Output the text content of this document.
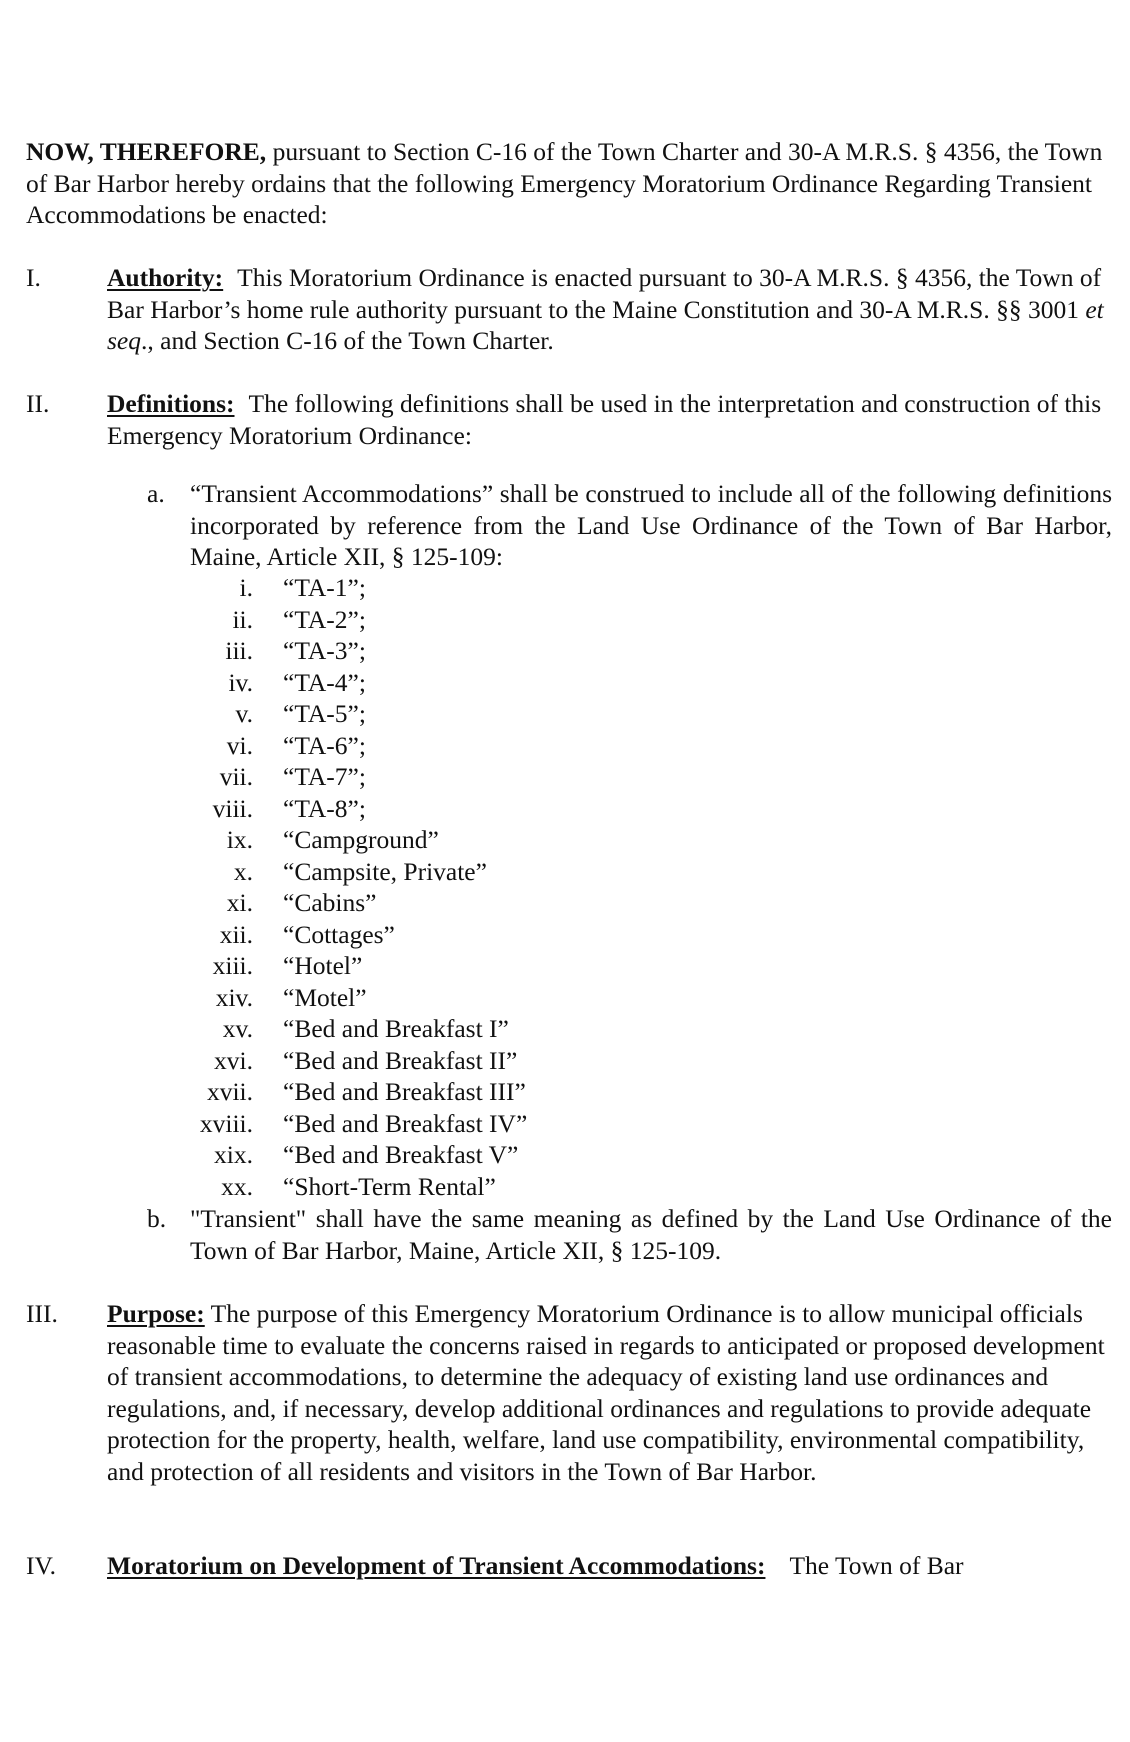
NOW, THEREFORE, pursuant to Section C-16 of the Town Charter and 30-A M.R.S. § 4356, the Town of Bar Harbor hereby ordains that the following Emergency Moratorium Ordinance Regarding Transient Accommodations be enacted:
I.	Authority: This Moratorium Ordinance is enacted pursuant to 30-A M.R.S. § 4356, the Town of Bar Harbor’s home rule authority pursuant to the Maine Constitution and 30-A M.R.S. §§ 3001 et seq., and Section C-16 of the Town Charter.
II.	Definitions: The following definitions shall be used in the interpretation and construction of this Emergency Moratorium Ordinance:
a. “Transient Accommodations” shall be construed to include all of the following definitions incorporated by reference from the Land Use Ordinance of the Town of Bar Harbor, Maine, Article XII, § 125-109:
i. “TA-1”;
ii. “TA-2”;
iii. “TA-3”;
iv. “TA-4”;
v. “TA-5”;
vi. “TA-6”;
vii. “TA-7”;
viii. “TA-8”;
ix. “Campground”
x. “Campsite, Private”
xi. “Cabins”
xii. “Cottages”
xiii. “Hotel”
xiv. “Motel”
xv. “Bed and Breakfast I”
xvi. “Bed and Breakfast II”
xvii. “Bed and Breakfast III”
xviii. “Bed and Breakfast IV”
xix. “Bed and Breakfast V”
xx. “Short-Term Rental”
b. "Transient" shall have the same meaning as defined by the Land Use Ordinance of the Town of Bar Harbor, Maine, Article XII, § 125-109.
III.	Purpose: The purpose of this Emergency Moratorium Ordinance is to allow municipal officials reasonable time to evaluate the concerns raised in regards to anticipated or proposed development of transient accommodations, to determine the adequacy of existing land use ordinances and regulations, and, if necessary, develop additional ordinances and regulations to provide adequate protection for the property, health, welfare, land use compatibility, environmental compatibility, and protection of all residents and visitors in the Town of Bar Harbor.
IV.	Moratorium on Development of Transient Accommodations: The Town of Bar
